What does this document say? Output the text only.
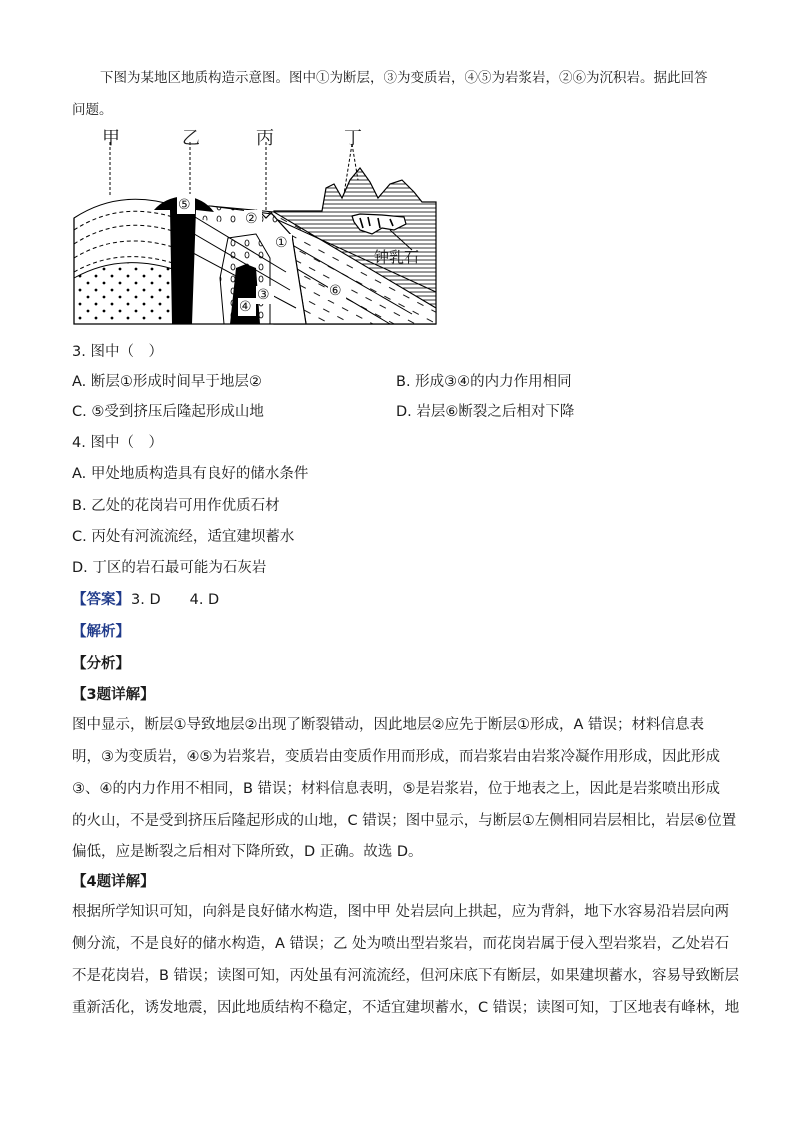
下图为某地区地质构造示意图。图中①为断层，③为变质岩，④⑤为岩浆岩，②⑥为沉积岩。据此回答
问题。
甲	乙	丙	丁
⑤
②
①
③
④
⑥
钟乳石
3. 图中（　）
A. 断层①形成时间早于地层②	B. 形成③④的内力作用相同
C. ⑤受到挤压后隆起形成山地	D. 岩层⑥断裂之后相对下降
4. 图中（　）
A. 甲处地质构造具有良好的储水条件
B. 乙处的花岗岩可用作优质石材
C. 丙处有河流流经，适宜建坝蓄水
D. 丁区的岩石最可能为石灰岩
【答案】 3. D　　4. D
【解析】
【分析】
【3题详解】
图中显示，断层①导致地层②出现了断裂错动，因此地层②应先于断层①形成，A 错误；材料信息表
明，③为变质岩，④⑤为岩浆岩，变质岩由变质作用而形成，而岩浆岩由岩浆冷凝作用形成，因此形成
③、④的内力作用不相同，B 错误；材料信息表明，⑤是岩浆岩，位于地表之上，因此是岩浆喷出形成
的火山，不是受到挤压后隆起形成的山地，C 错误；图中显示，与断层①左侧相同岩层相比，岩层⑥位置
偏低，应是断裂之后相对下降所致，D 正确。故选 D。
【4题详解】
根据所学知识可知，向斜是良好储水构造，图中甲 处岩层向上拱起，应为背斜，地下水容易沿岩层向两
侧分流，不是良好的储水构造，A 错误；乙 处为喷出型岩浆岩，而花岗岩属于侵入型岩浆岩，乙处岩石
不是花岗岩，B 错误；读图可知，丙处虽有河流流经，但河床底下有断层，如果建坝蓄水，容易导致断层
重新活化，诱发地震，因此地质结构不稳定，不适宜建坝蓄水，C 错误；读图可知，丁区地表有峰林，地
